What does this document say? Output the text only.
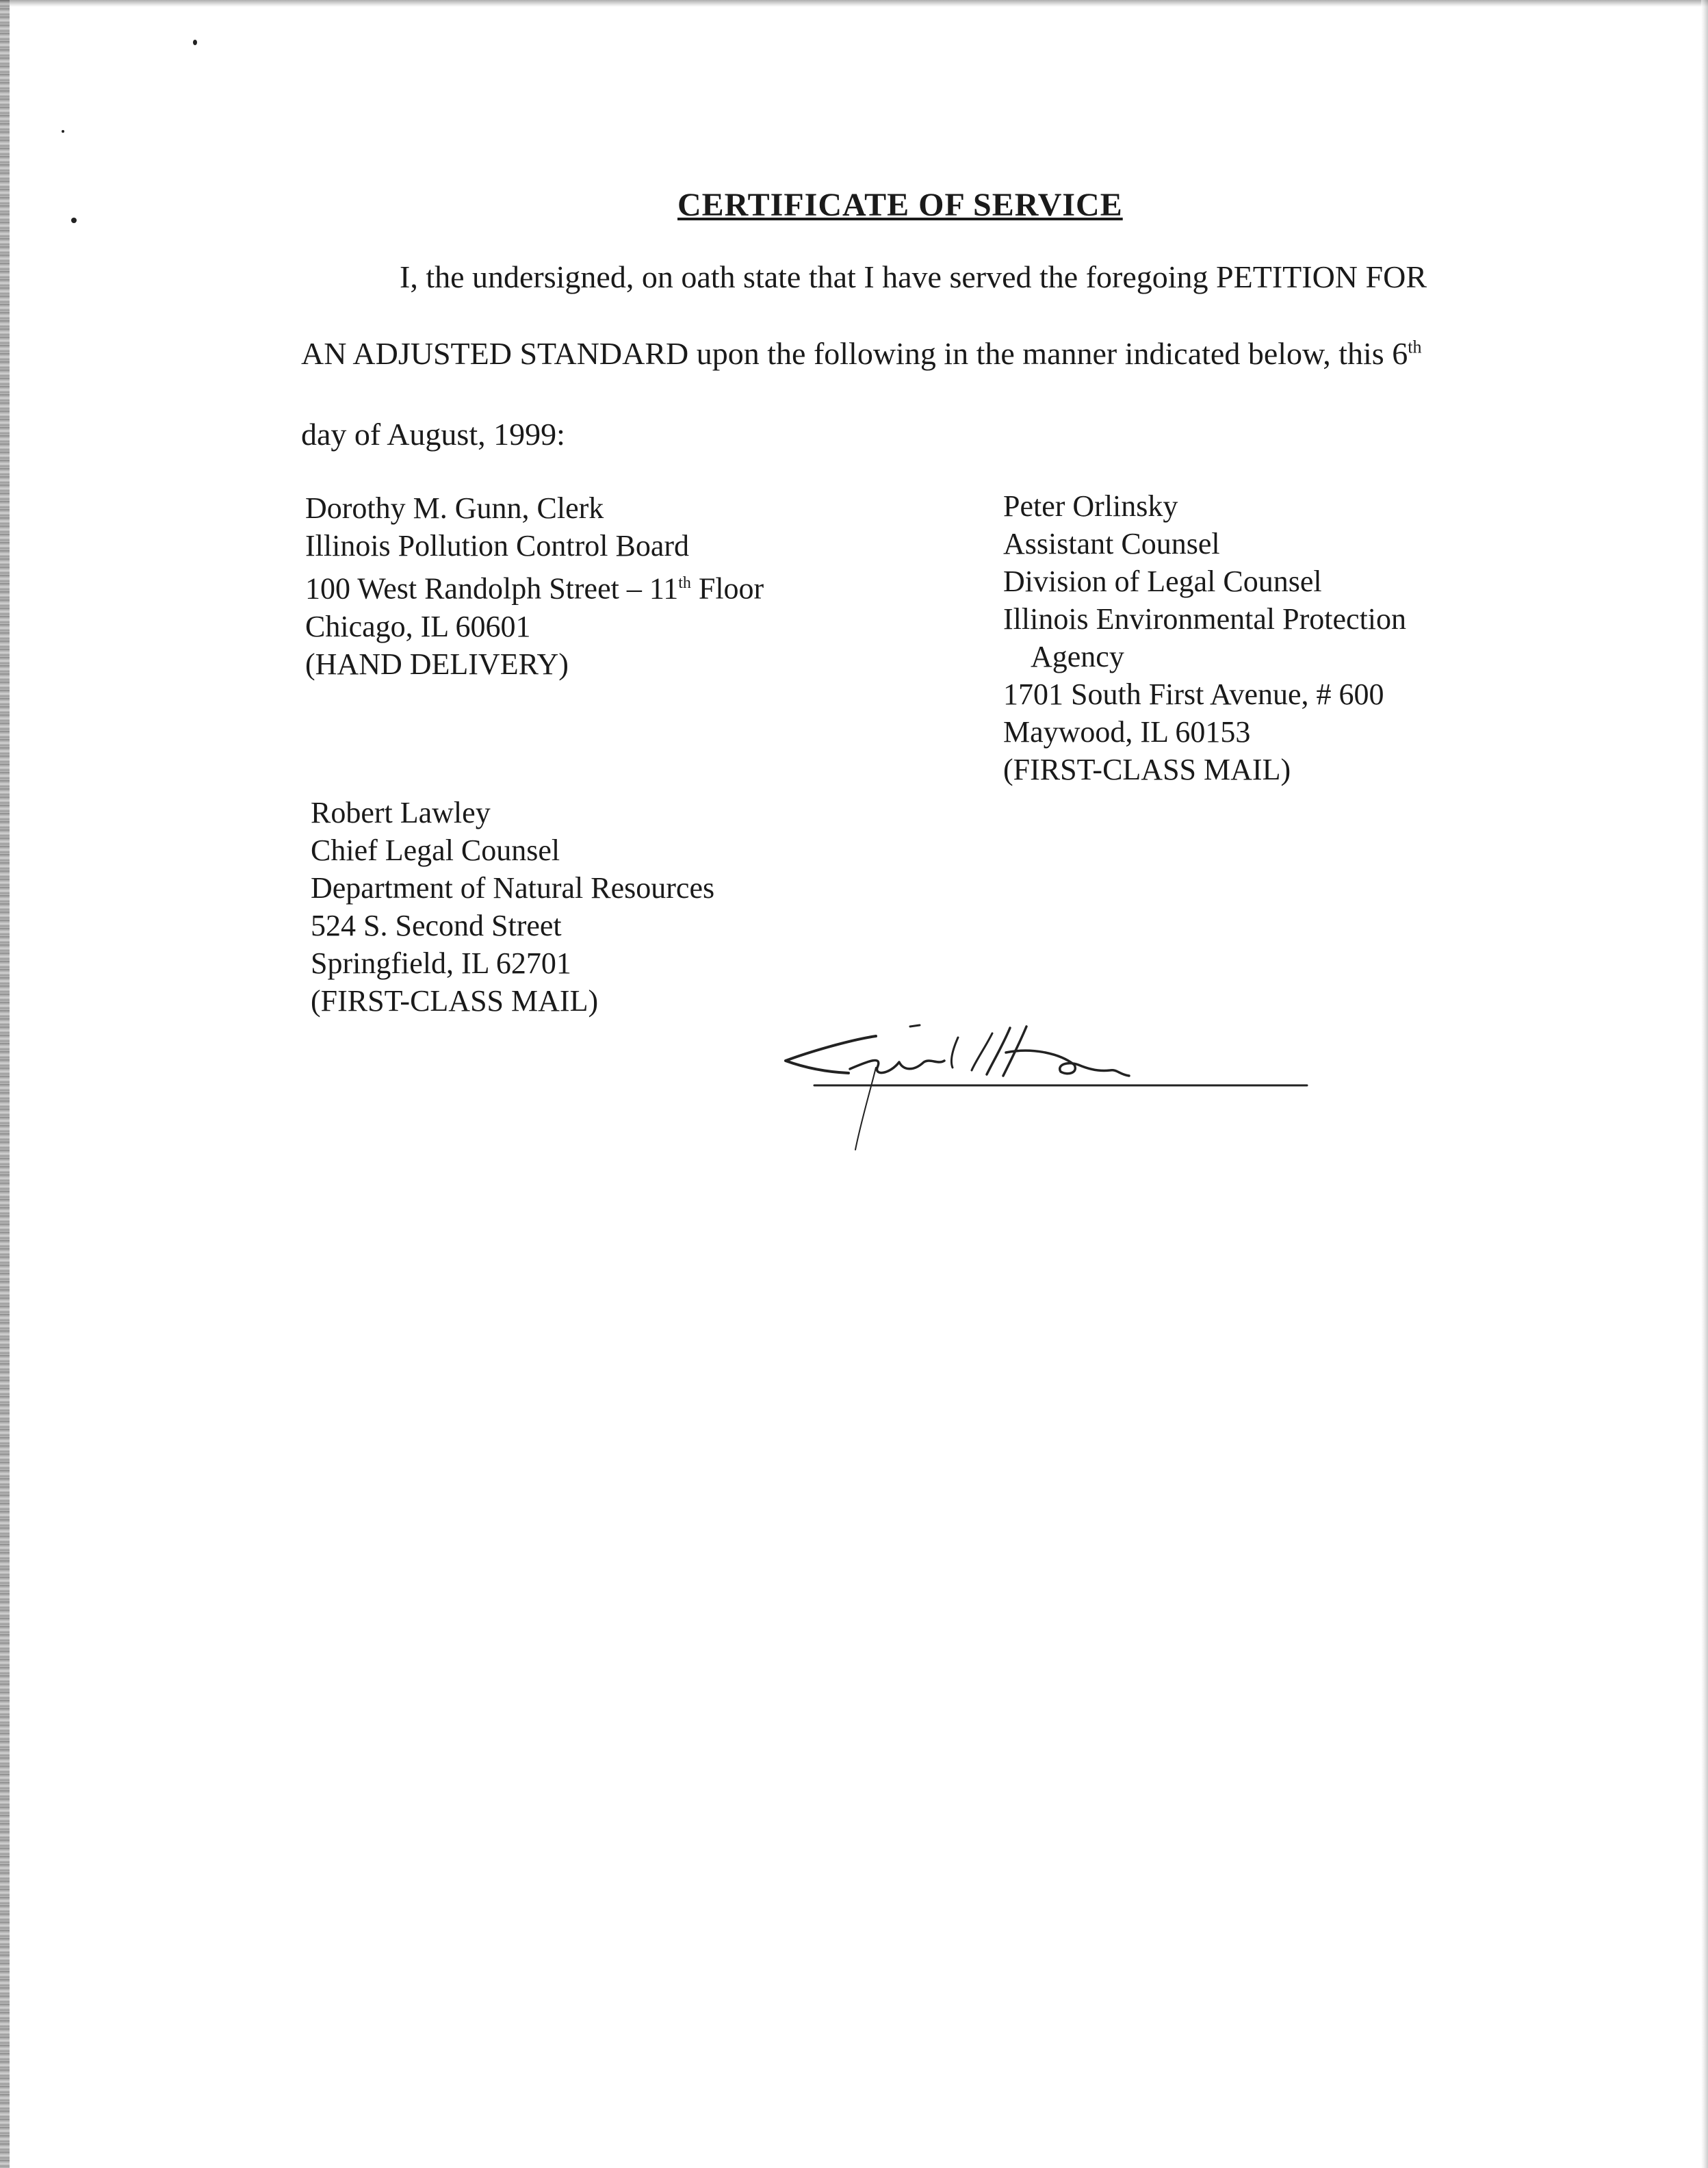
CERTIFICATE OF SERVICE
I, the undersigned, on oath state that I have served the foregoing PETITION FOR
AN ADJUSTED STANDARD upon the following in the manner indicated below, this 6th
day of August, 1999:
Dorothy M. Gunn, Clerk
Illinois Pollution Control Board
100 West Randolph Street – 11th Floor
Chicago, IL 60601
(HAND DELIVERY)
Peter Orlinsky
Assistant Counsel
Division of Legal Counsel
Illinois Environmental Protection
Agency
1701 South First Avenue, # 600
Maywood, IL 60153
(FIRST-CLASS MAIL)
Robert Lawley
Chief Legal Counsel
Department of Natural Resources
524 S. Second Street
Springfield, IL 62701
(FIRST-CLASS MAIL)
